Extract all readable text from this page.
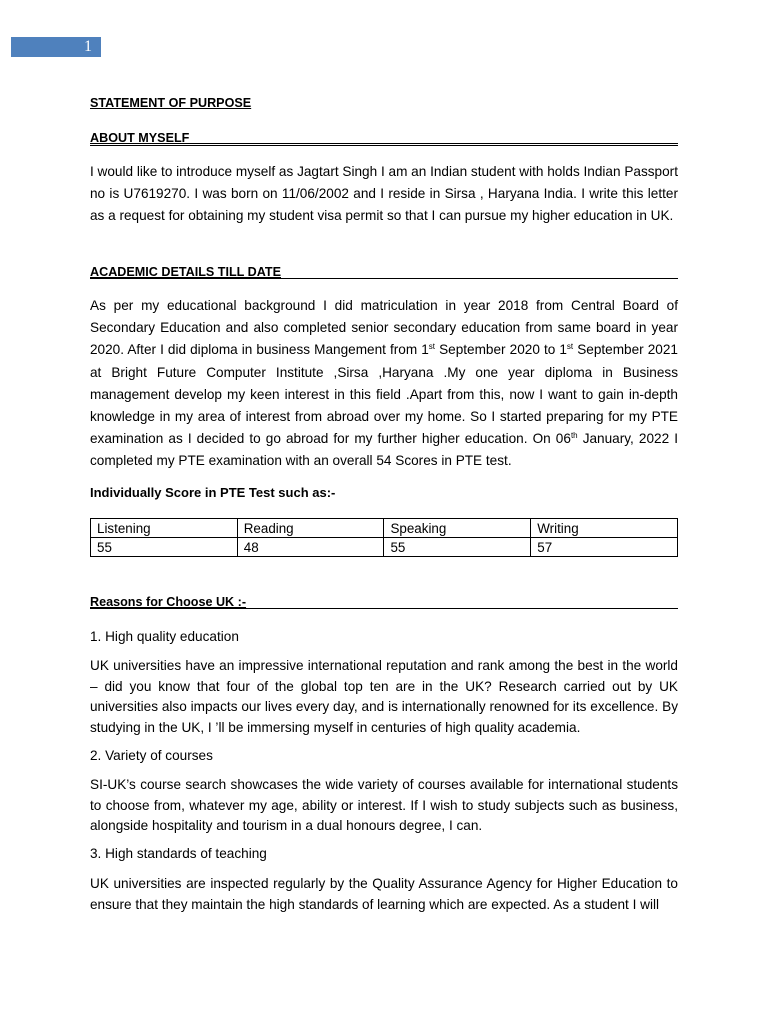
1
STATEMENT OF PURPOSE
ABOUT MYSELF

I would like to introduce myself as Jagtart Singh I am an Indian student with holds Indian Passport no is U7619270. I was born on 11/06/2002 and I reside in Sirsa , Haryana India. I write this letter as a request for obtaining my student visa permit so that I can pursue my higher education in UK.

ACADEMIC DETAILS TILL DATE

As per my educational background I did matriculation in year 2018 from Central Board of Secondary Education and also completed senior secondary education from same board in year 2020. After I did diploma in business Mangement from 1st September 2020 to 1st September 2021 at Bright Future Computer Institute ,Sirsa ,Haryana .My one year diploma in Business management develop my keen interest in this field .Apart from this, now I want to gain in-depth knowledge in my area of interest from abroad over my home. So I started preparing for my PTE examination as I decided to go abroad for my further higher education. On 06th January, 2022 I completed my PTE examination with an overall 54 Scores in PTE test.

Individually Score in PTE Test such as:-

Listening	Reading	Speaking	Writing
55	48	55	57
Reasons for Choose UK :-

1. High quality education

UK universities have an impressive international reputation and rank among the best in the world – did you know that four of the global top ten are in the UK? Research carried out by UK universities also impacts our lives every day, and is internationally renowned for its excellence. By studying in the UK, I ’ll be immersing myself in centuries of high quality academia.

2. Variety of courses

SI-UK’s course search showcases the wide variety of courses available for international students to choose from, whatever my age, ability or interest. If I wish to study subjects such as business, alongside hospitality and tourism in a dual honours degree, I can.

3. High standards of teaching

UK universities are inspected regularly by the Quality Assurance Agency for Higher Education to ensure that they maintain the high standards of learning which are expected. As a student I will
